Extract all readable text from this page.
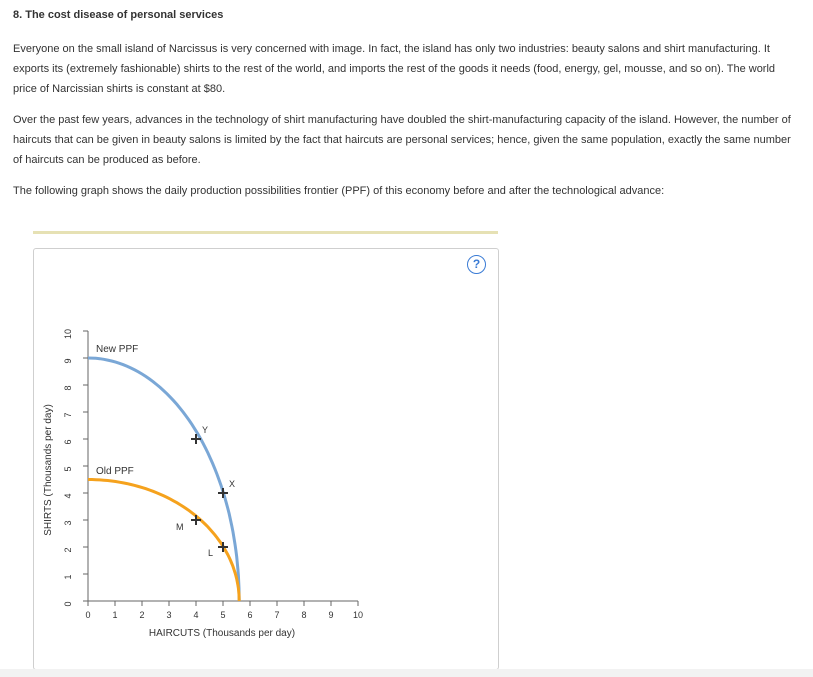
8. The cost disease of personal services

Everyone on the small island of Narcissus is very concerned with image. In fact, the island has only two industries: beauty salons and shirt manufacturing. It exports its (extremely fashionable) shirts to the rest of the world, and imports the rest of the goods it needs (food, energy, gel, mousse, and so on). The world price of Narcissian shirts is constant at $80.

Over the past few years, advances in the technology of shirt manufacturing have doubled the shirt-manufacturing capacity of the island. However, the number of haircuts that can be given in beauty salons is limited by the fact that haircuts are personal services; hence, given the same population, exactly the same number of haircuts can be produced as before.

The following graph shows the daily production possibilities frontier (PPF) of this economy before and after the technological advance:

?
0 1 2 3 4 5 6 7 8 9 10
0
1
2
3
4
5
6
7
8
9
10
New PPF
Old PPF
Y
X
M
L
HAIRCUTS (Thousands per day)
SHIRTS (Thousands per day)
